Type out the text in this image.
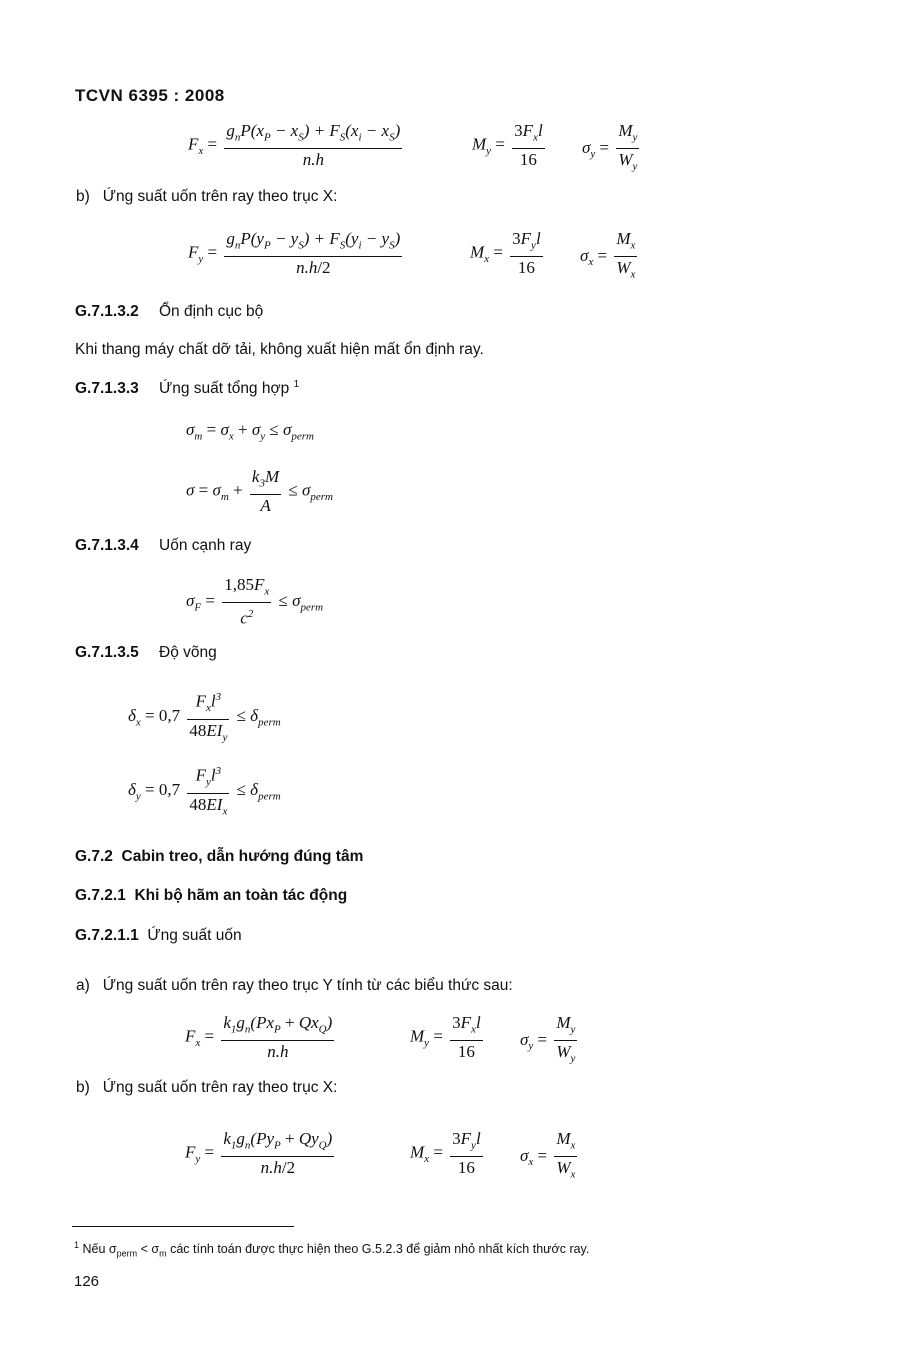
TCVN 6395 : 2008
$F_x = \frac{g_nP(x_P - x_S) + F_S(x_i - x_S)}{n.h}$	$M_y = \frac{3F_xl}{16} \sigma_y = \frac{M_y}{W_y}$
b) Ứng suất uốn trên ray theo trục X:
$F_y = \frac{g_nP(y_P - y_S) + F_S(y_i - y_S)}{n.h/2}$	$M_x = \frac{3F_yl}{16} \sigma_x = \frac{M_x}{W_x}$
G.7.1.3.2 Ổn định cục bộ
Khi thang máy chất dỡ tải, không xuất hiện mất ổn định ray.
G.7.1.3.3 Ứng suất tổng hợp $^1$
$\sigma_m = \sigma_x + \sigma_y \le \sigma_{perm}$
$\sigma = \sigma_m + \frac{k_3M}{A} \le \sigma_{perm}$
G.7.1.3.4 Uốn cạnh ray
$\sigma_F = \frac{1,85F_x}{c^2} \le \sigma_{perm}$
G.7.1.3.5 Độ võng
$\delta_x = 0,7 \frac{F_xl^3}{48EI_y} \le \delta_{perm}$
$\delta_y = 0,7 \frac{F_yl^3}{48EI_x} \le \delta_{perm}$
G.7.2 Cabin treo, dẫn hướng đúng tâm
G.7.2.1 Khi bộ hãm an toàn tác động
G.7.2.1.1 Ứng suất uốn
a) Ứng suất uốn trên ray theo trục Y tính từ các biểu thức sau:
$F_x = \frac{k_1g_n(Px_P + Qx_Q)}{n.h}$	$M_y = \frac{3F_xl}{16} \sigma_y = \frac{M_y}{W_y}$
b) Ứng suất uốn trên ray theo trục X:
$F_y = \frac{k_1g_n(Py_P + Qy_Q)}{n.h/2}$	$M_x = \frac{3F_yl}{16} \sigma_x = \frac{M_x}{W_x}$
$^1$ Nếu $\sigma_{perm} < \sigma_m$ các tính toán được thực hiện theo G.5.2.3 để giảm nhỏ nhất kích thước ray.
126
